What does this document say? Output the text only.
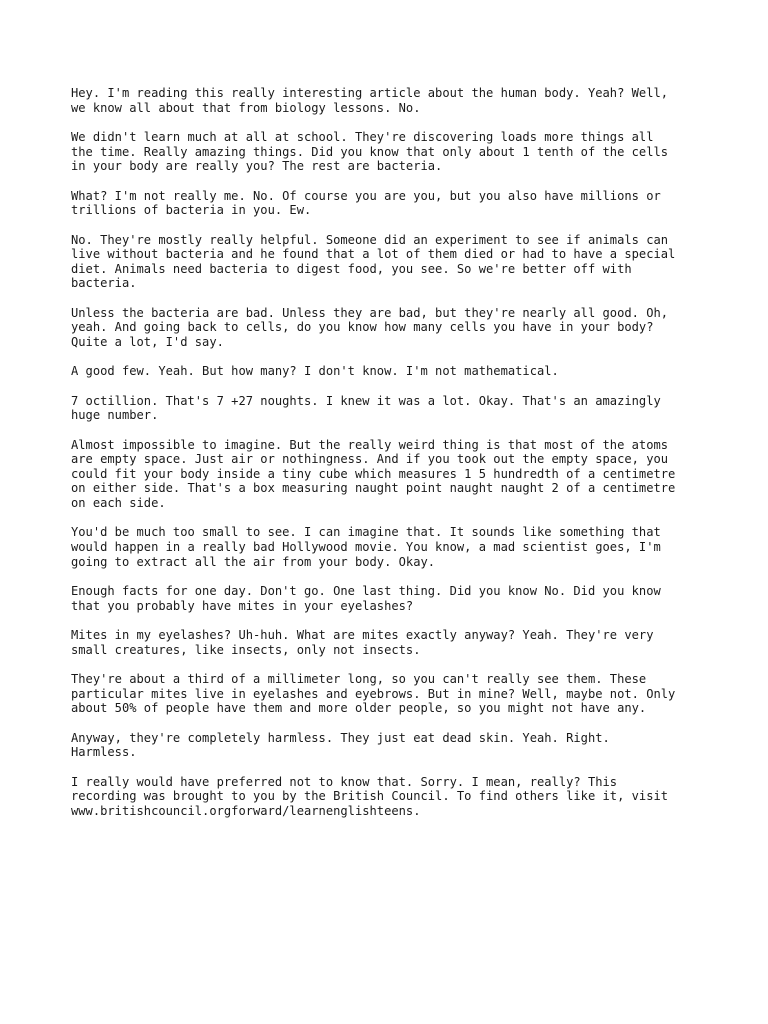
Hey. I'm reading this really interesting article about the human body. Yeah? Well,
we know all about that from biology lessons. No.

We didn't learn much at all at school. They're discovering loads more things all
the time. Really amazing things. Did you know that only about 1 tenth of the cells
in your body are really you? The rest are bacteria.

What? I'm not really me. No. Of course you are you, but you also have millions or
trillions of bacteria in you. Ew.

No. They're mostly really helpful. Someone did an experiment to see if animals can
live without bacteria and he found that a lot of them died or had to have a special
diet. Animals need bacteria to digest food, you see. So we're better off with
bacteria.

Unless the bacteria are bad. Unless they are bad, but they're nearly all good. Oh,
yeah. And going back to cells, do you know how many cells you have in your body?
Quite a lot, I'd say.

A good few. Yeah. But how many? I don't know. I'm not mathematical.

7 octillion. That's 7 +27 noughts. I knew it was a lot. Okay. That's an amazingly
huge number.

Almost impossible to imagine. But the really weird thing is that most of the atoms
are empty space. Just air or nothingness. And if you took out the empty space, you
could fit your body inside a tiny cube which measures 1 5 hundredth of a centimetre
on either side. That's a box measuring naught point naught naught 2 of a centimetre
on each side.

You'd be much too small to see. I can imagine that. It sounds like something that
would happen in a really bad Hollywood movie. You know, a mad scientist goes, I'm
going to extract all the air from your body. Okay.

Enough facts for one day. Don't go. One last thing. Did you know No. Did you know
that you probably have mites in your eyelashes?

Mites in my eyelashes? Uh-huh. What are mites exactly anyway? Yeah. They're very
small creatures, like insects, only not insects.

They're about a third of a millimeter long, so you can't really see them. These
particular mites live in eyelashes and eyebrows. But in mine? Well, maybe not. Only
about 50% of people have them and more older people, so you might not have any.

Anyway, they're completely harmless. They just eat dead skin. Yeah. Right.
Harmless.

I really would have preferred not to know that. Sorry. I mean, really? This
recording was brought to you by the British Council. To find others like it, visit
www.britishcouncil.orgforward/learnenglishteens.
